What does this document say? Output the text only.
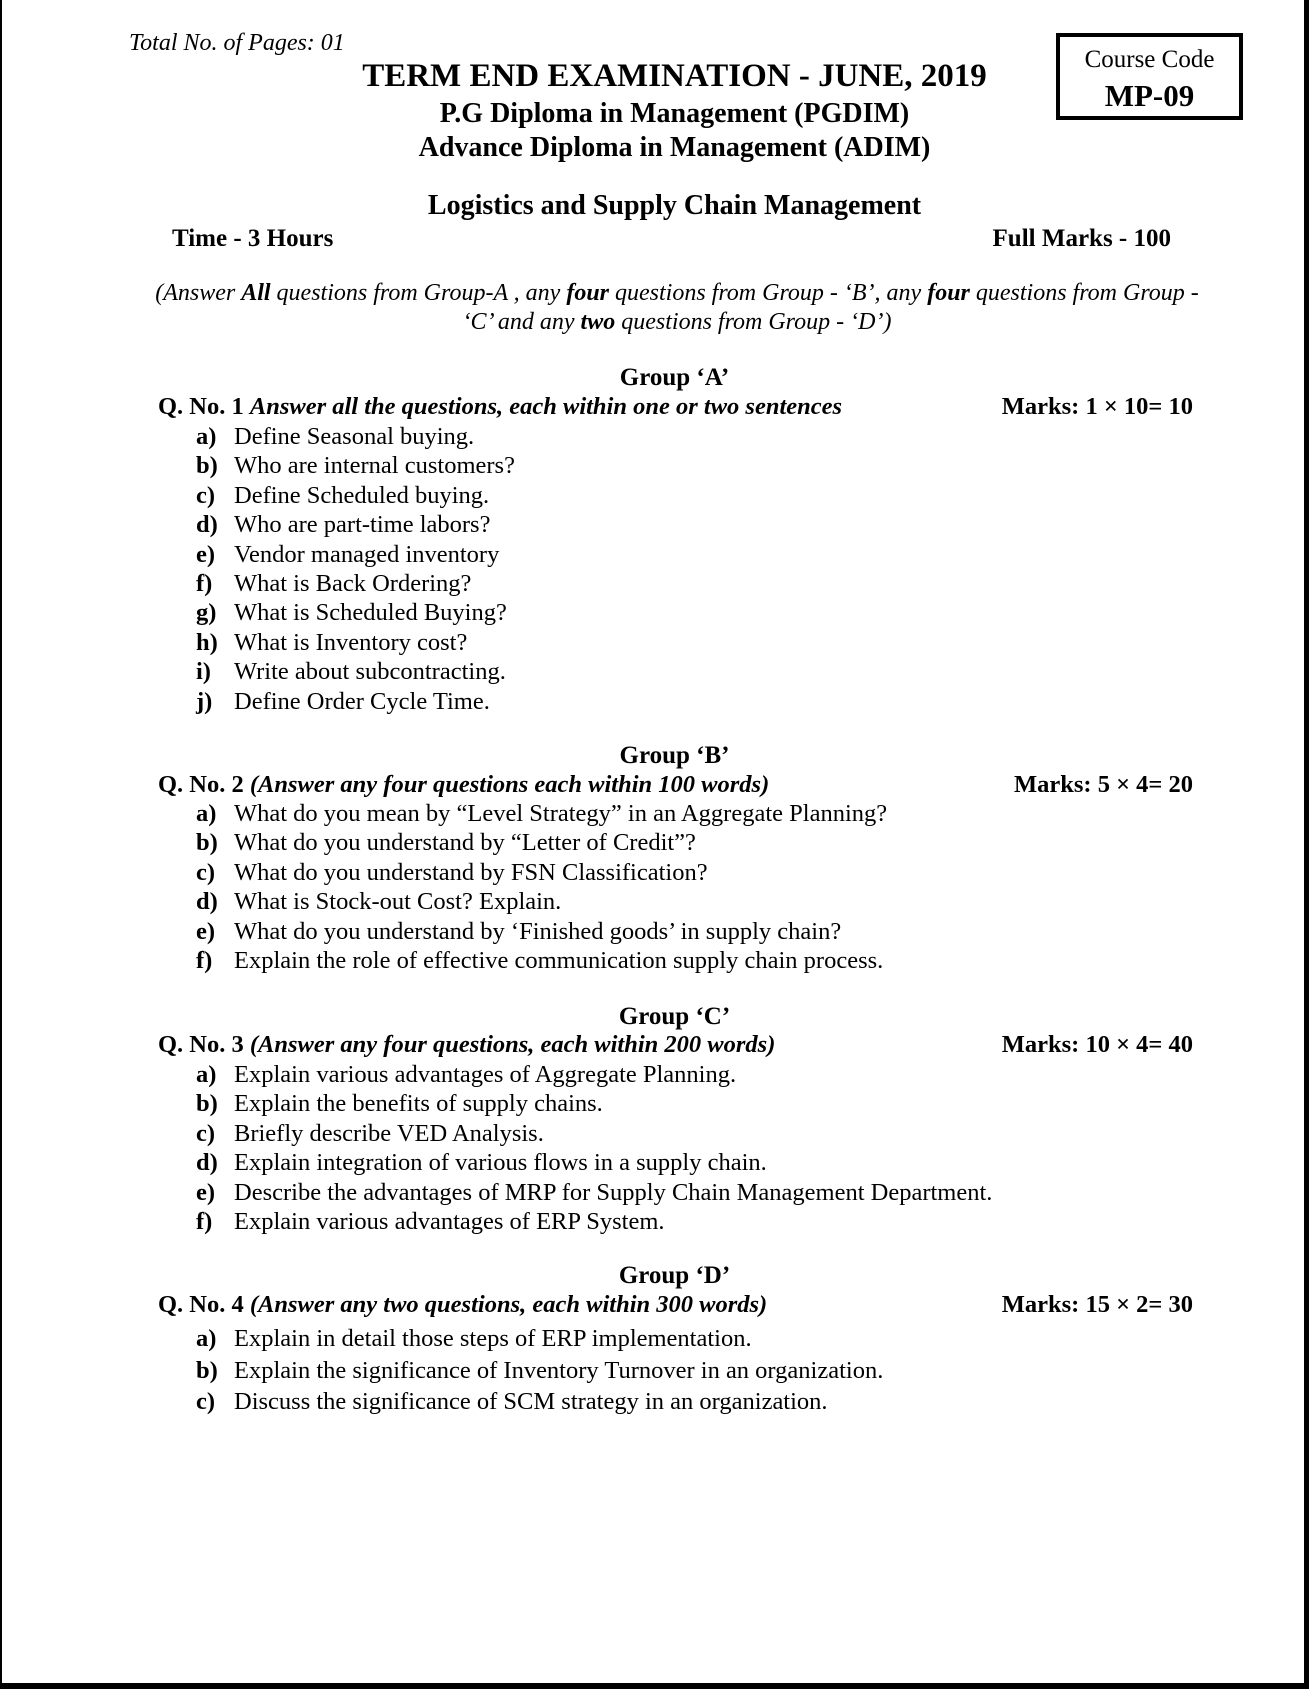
Total No. of Pages: 01
TERM END EXAMINATION - JUNE, 2019
P.G Diploma in Management (PGDIM)
Advance Diploma in Management (ADIM)
Course Code
MP-09
Logistics and Supply Chain Management
Time - 3 Hours	Full Marks - 100
(Answer All questions from Group-A , any four questions from Group - ‘B’, any four questions from Group - ‘C’ and any two questions from Group - ‘D’)
Group ‘A’
Q. No. 1 Answer all the questions, each within one or two sentences	Marks: 1 × 10= 10
a) Define Seasonal buying.
b) Who are internal customers?
c) Define Scheduled buying.
d) Who are part-time labors?
e) Vendor managed inventory
f) What is Back Ordering?
g) What is Scheduled Buying?
h) What is Inventory cost?
i) Write about subcontracting.
j) Define Order Cycle Time.
Group ‘B’
Q. No. 2 (Answer any four questions each within 100 words)	Marks: 5 × 4= 20
a) What do you mean by “Level Strategy” in an Aggregate Planning?
b) What do you understand by “Letter of Credit”?
c) What do you understand by FSN Classification?
d) What is Stock-out Cost? Explain.
e) What do you understand by ‘Finished goods’ in supply chain?
f) Explain the role of effective communication supply chain process.
Group ‘C’
Q. No. 3 (Answer any four questions, each within 200 words)	Marks: 10 × 4= 40
a) Explain various advantages of Aggregate Planning.
b) Explain the benefits of supply chains.
c) Briefly describe VED Analysis.
d) Explain integration of various flows in a supply chain.
e) Describe the advantages of MRP for Supply Chain Management Department.
f) Explain various advantages of ERP System.
Group ‘D’
Q. No. 4 (Answer any two questions, each within 300 words)	Marks: 15 × 2= 30
a) Explain in detail those steps of ERP implementation.
b) Explain the significance of Inventory Turnover in an organization.
c) Discuss the significance of SCM strategy in an organization.
